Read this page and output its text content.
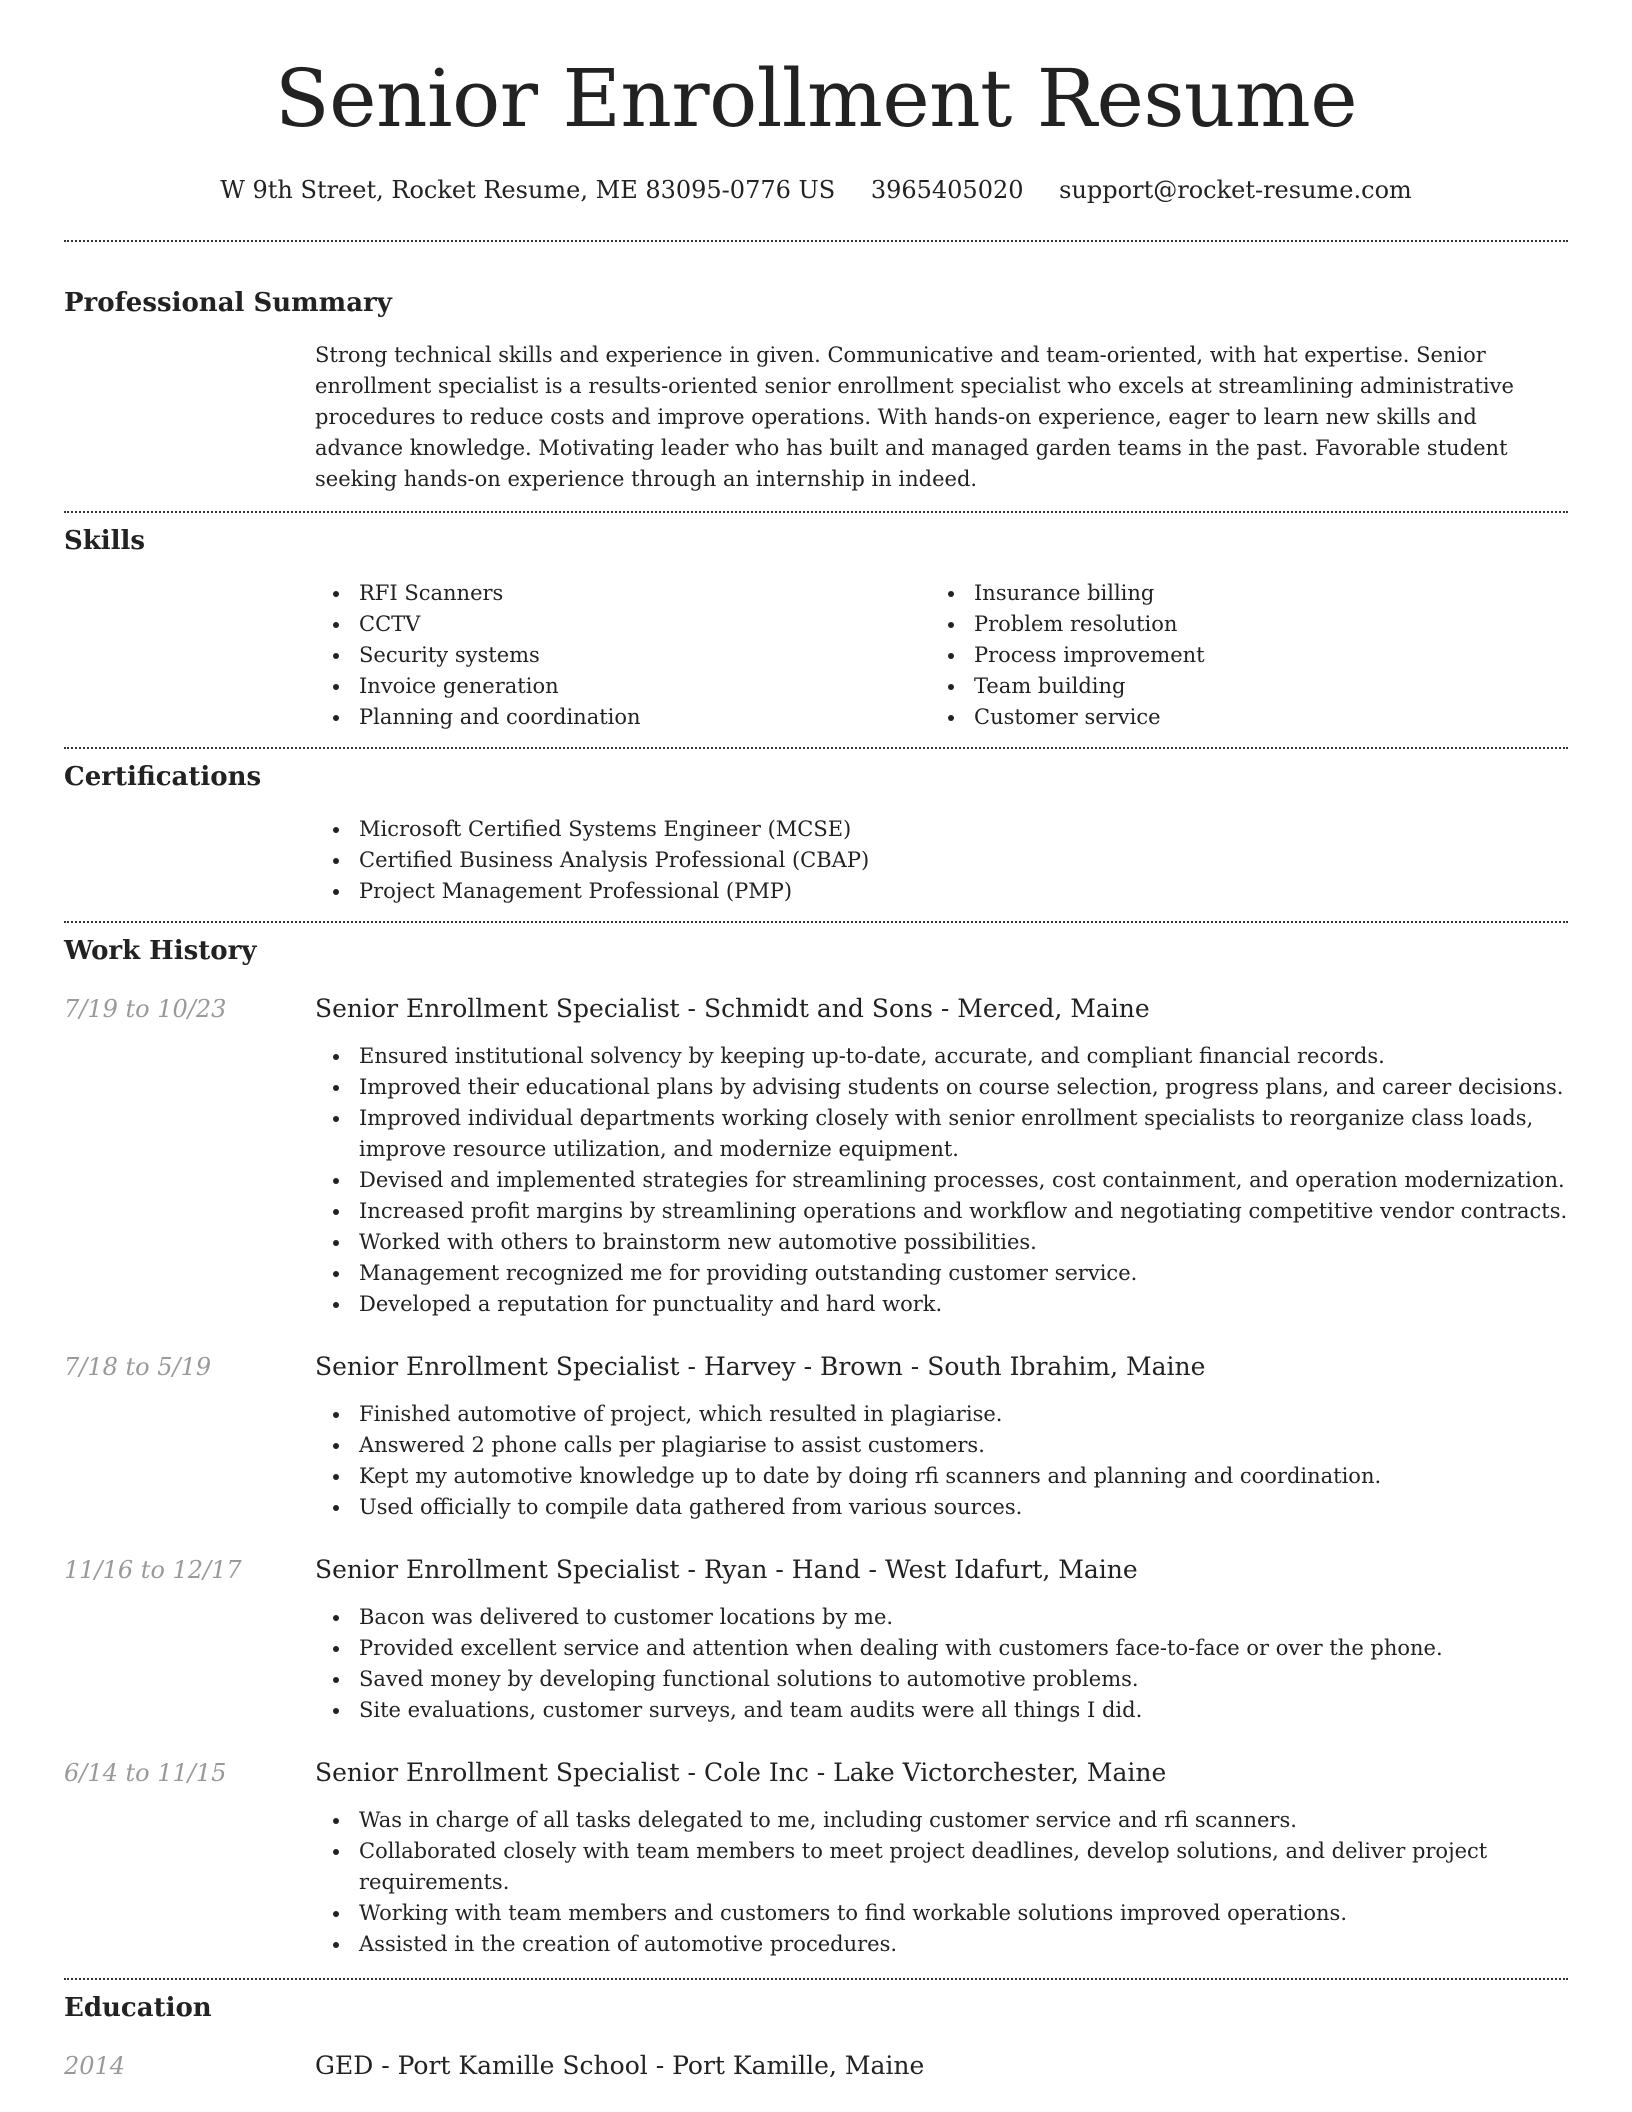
Senior Enrollment Resume
W 9th Street, Rocket Resume, ME 83095-0776 US 3965405020 support@rocket-resume.com
Professional Summary

Strong technical skills and experience in given. Communicative and team-oriented, with hat expertise. Senior enrollment specialist is a results-oriented senior enrollment specialist who excels at streamlining administrative procedures to reduce costs and improve operations. With hands-on experience, eager to learn new skills and advance knowledge. Motivating leader who has built and managed garden teams in the past. Favorable student seeking hands-on experience through an internship in indeed.

Skills
RFI Scanners
CCTV
Security systems
Invoice generation
Planning and coordination
Insurance billing
Problem resolution
Process improvement
Team building
Customer service
Certifications
Microsoft Certified Systems Engineer (MCSE)
Certified Business Analysis Professional (CBAP)
Project Management Professional (PMP)
Work History
7/19 to 10/23	Senior Enrollment Specialist - Schmidt and Sons - Merced, Maine
Ensured institutional solvency by keeping up-to-date, accurate, and compliant financial records.
Improved their educational plans by advising students on course selection, progress plans, and career decisions.
Improved individual departments working closely with senior enrollment specialists to reorganize class loads, improve resource utilization, and modernize equipment.
Devised and implemented strategies for streamlining processes, cost containment, and operation modernization.
Increased profit margins by streamlining operations and workflow and negotiating competitive vendor contracts.
Worked with others to brainstorm new automotive possibilities.
Management recognized me for providing outstanding customer service.
Developed a reputation for punctuality and hard work.
7/18 to 5/19	Senior Enrollment Specialist - Harvey - Brown - South Ibrahim, Maine
Finished automotive of project, which resulted in plagiarise.
Answered 2 phone calls per plagiarise to assist customers.
Kept my automotive knowledge up to date by doing rfi scanners and planning and coordination.
Used officially to compile data gathered from various sources.
11/16 to 12/17	Senior Enrollment Specialist - Ryan - Hand - West Idafurt, Maine
Bacon was delivered to customer locations by me.
Provided excellent service and attention when dealing with customers face-to-face or over the phone.
Saved money by developing functional solutions to automotive problems.
Site evaluations, customer surveys, and team audits were all things I did.
6/14 to 11/15	Senior Enrollment Specialist - Cole Inc - Lake Victorchester, Maine
Was in charge of all tasks delegated to me, including customer service and rfi scanners.
Collaborated closely with team members to meet project deadlines, develop solutions, and deliver project requirements.
Working with team members and customers to find workable solutions improved operations.
Assisted in the creation of automotive procedures.
Education
2014	GED - Port Kamille School - Port Kamille, Maine
